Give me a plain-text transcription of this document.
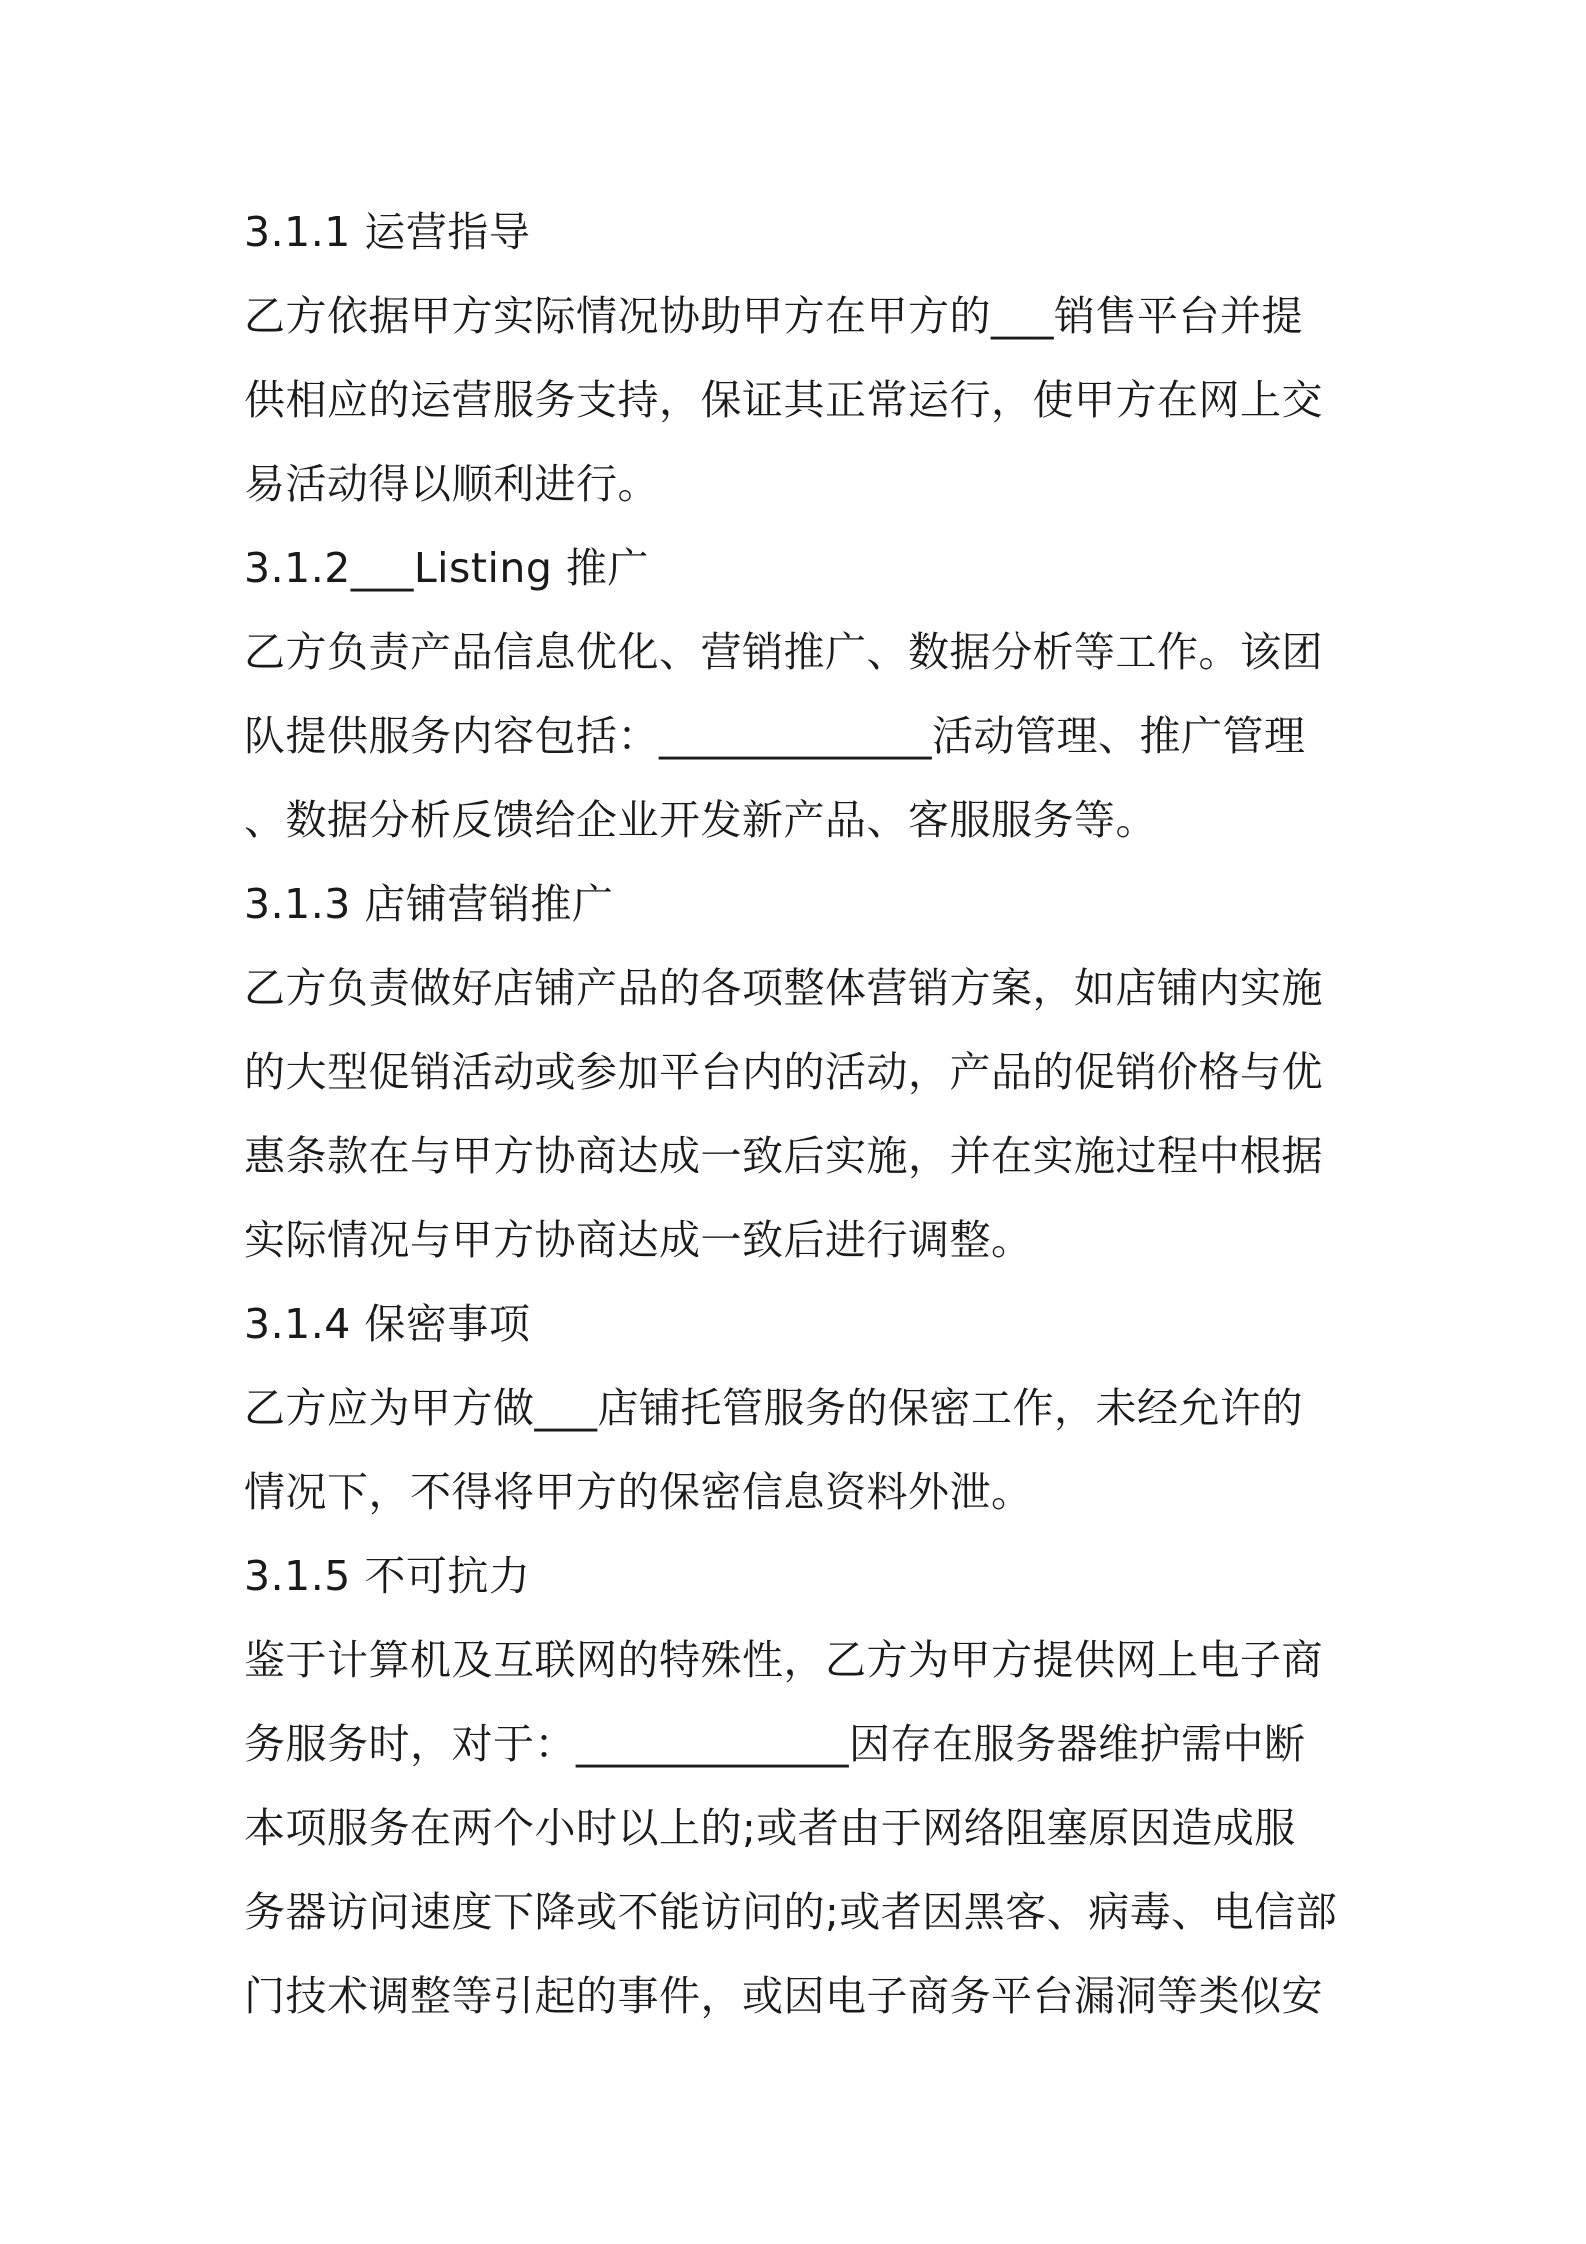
3.1.1 运营指导
乙方依据甲方实际情况协助甲方在甲方的___销售平台并提
供相应的运营服务支持，保证其正常运行，使甲方在网上交
易活动得以顺利进行。
3.1.2___Listing 推广
乙方负责产品信息优化、营销推广、数据分析等工作。该团
队提供服务内容包括：_____________活动管理、推广管理
、数据分析反馈给企业开发新产品、客服服务等。
3.1.3 店铺营销推广
乙方负责做好店铺产品的各项整体营销方案，如店铺内实施
的大型促销活动或参加平台内的活动，产品的促销价格与优
惠条款在与甲方协商达成一致后实施，并在实施过程中根据
实际情况与甲方协商达成一致后进行调整。
3.1.4 保密事项
乙方应为甲方做___店铺托管服务的保密工作，未经允许的
情况下，不得将甲方的保密信息资料外泄。
3.1.5 不可抗力
鉴于计算机及互联网的特殊性，乙方为甲方提供网上电子商
务服务时，对于：_____________因存在服务器维护需中断
本项服务在两个小时以上的;或者由于网络阻塞原因造成服
务器访问速度下降或不能访问的;或者因黑客、病毒、电信部
门技术调整等引起的事件，或因电子商务平台漏洞等类似安
